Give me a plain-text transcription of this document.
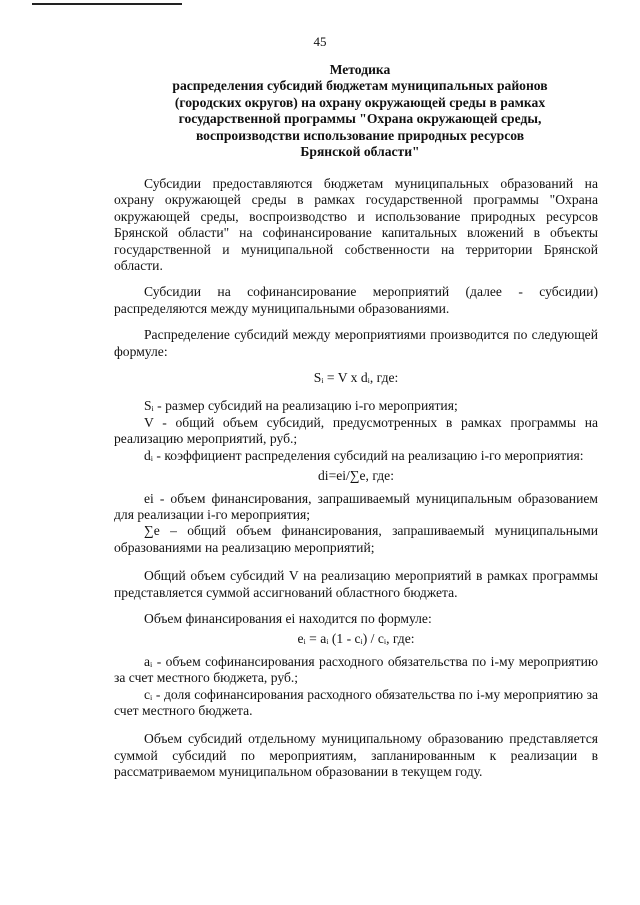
45
Методика
распределения субсидий бюджетам муниципальных районов
(городских округов) на охрану окружающей среды в рамках
государственной программы "Охрана окружающей среды,
воспроизводстви использование природных ресурсов
Брянской области"

Субсидии предоставляются бюджетам муниципальных образований на охрану окружающей среды в рамках государственной программы "Охрана окружающей среды, воспроизводство и использование природных ресурсов Брянской области" на софинансирование капитальных вложений в объекты государственной и муниципальной собственности на территории Брянской области.

Субсидии на софинансирование мероприятий (далее - субсидии) распределяются между муниципальными образованиями.

Распределение субсидий между мероприятиями производится по следующей формуле:

Sᵢ = V x dᵢ, где:

Sᵢ - размер субсидий на реализацию i-го мероприятия;

V - общий объем субсидий, предусмотренных в рамках программы на реализацию мероприятий, руб.;

dᵢ - коэффициент распределения субсидий на реализацию i-го мероприятия:

di=ei/∑e, где:

ei - объем финансирования, запрашиваемый муниципальным образованием для реализации i-го мероприятия;

∑e – общий объем финансирования, запрашиваемый муниципальными образованиями на реализацию мероприятий;

Общий объем субсидий V на реализацию мероприятий в рамках программы представляется суммой ассигнований областного бюджета.

Объем финансирования ei находится по формуле:

eᵢ = aᵢ (1 - cᵢ) / cᵢ, где:

aᵢ - объем софинансирования расходного обязательства по i-му мероприятию за счет местного бюджета, руб.;

cᵢ - доля софинансирования расходного обязательства по i-му мероприятию за счет местного бюджета.

Объем субсидий отдельному муниципальному образованию представляется суммой субсидий по мероприятиям, запланированным к реализации в рассматриваемом муниципальном образовании в текущем году.
